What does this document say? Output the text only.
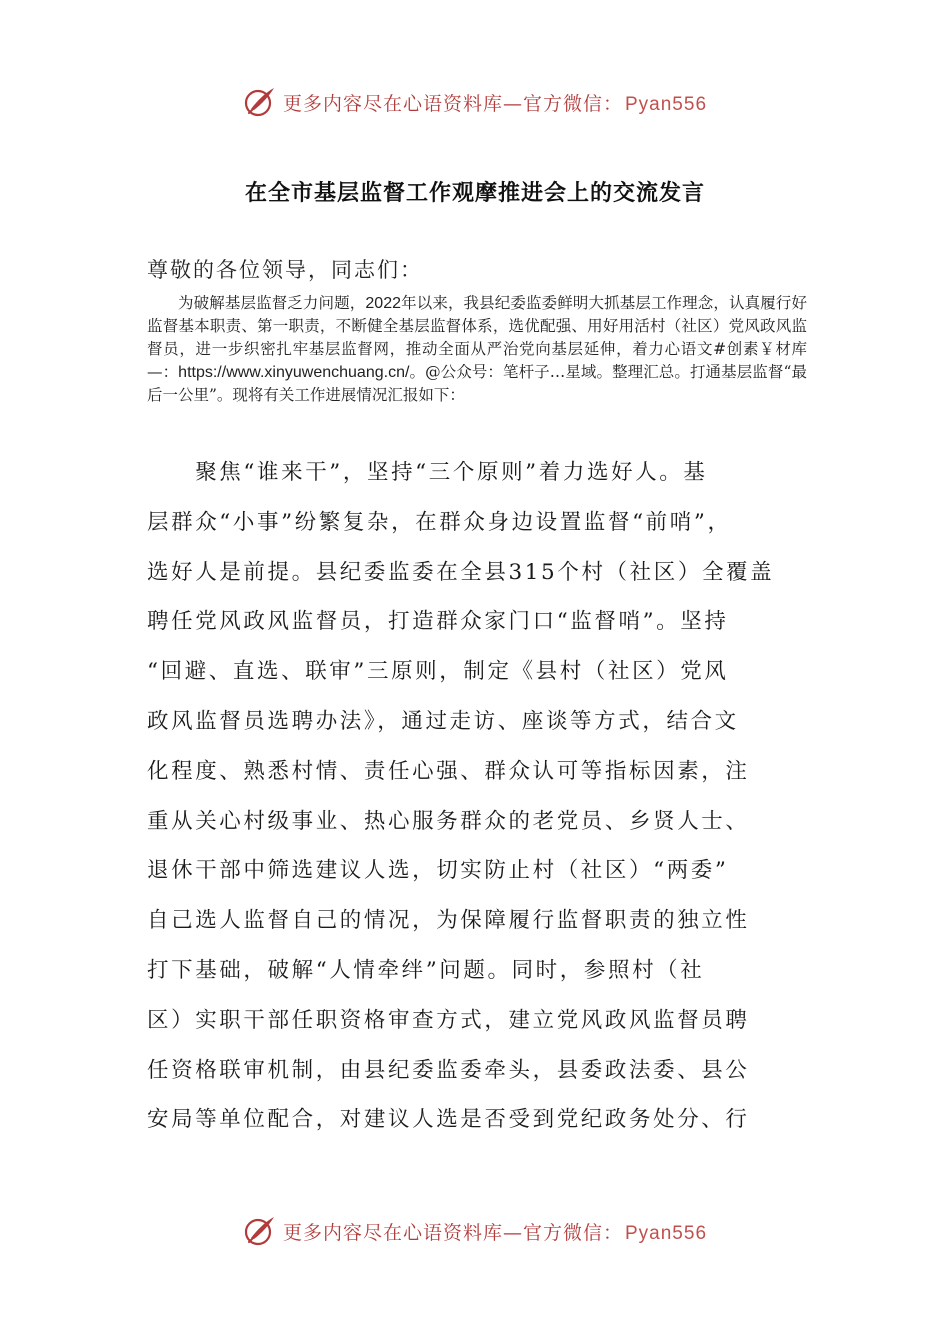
更多内容尽在心语资料库—官方微信： Pyan556
在全市基层监督工作观摩推进会上的交流发言
尊敬的各位领导，同志们：
为破解基层监督乏力问题，2022年以来，我县纪委监委鲜明大抓基层工作理念，认真履行好监督基本职责、第一职责，不断健全基层监督体系，选优配强、用好用活村（社区）党风政风监督员，进一步织密扎牢基层监督网，推动全面从严治党向基层延伸，着力心语文#创素￥材库—：https://www.xinyuwenchuang.cn/。@公众号：笔杆子…星域。整理汇总。打通基层监督“最后一公里”。现将有关工作进展情况汇报如下：
　　聚焦“谁来干”，坚持“三个原则”着力选好人。基
层群众“小事”纷繁复杂，在群众身边设置监督“前哨”，
选好人是前提。县纪委监委在全县315个村（社区）全覆盖
聘任党风政风监督员，打造群众家门口“监督哨”。坚持
“回避、直选、联审”三原则，制定《县村（社区）党风
政风监督员选聘办法》，通过走访、座谈等方式，结合文
化程度、熟悉村情、责任心强、群众认可等指标因素，注
重从关心村级事业、热心服务群众的老党员、乡贤人士、
退休干部中筛选建议人选，切实防止村（社区）“两委”
自己选人监督自己的情况，为保障履行监督职责的独立性
打下基础，破解“人情牵绊”问题。同时，参照村（社
区）实职干部任职资格审查方式，建立党风政风监督员聘
任资格联审机制，由县纪委监委牵头，县委政法委、县公
安局等单位配合，对建议人选是否受到党纪政务处分、行
更多内容尽在心语资料库—官方微信： Pyan556
